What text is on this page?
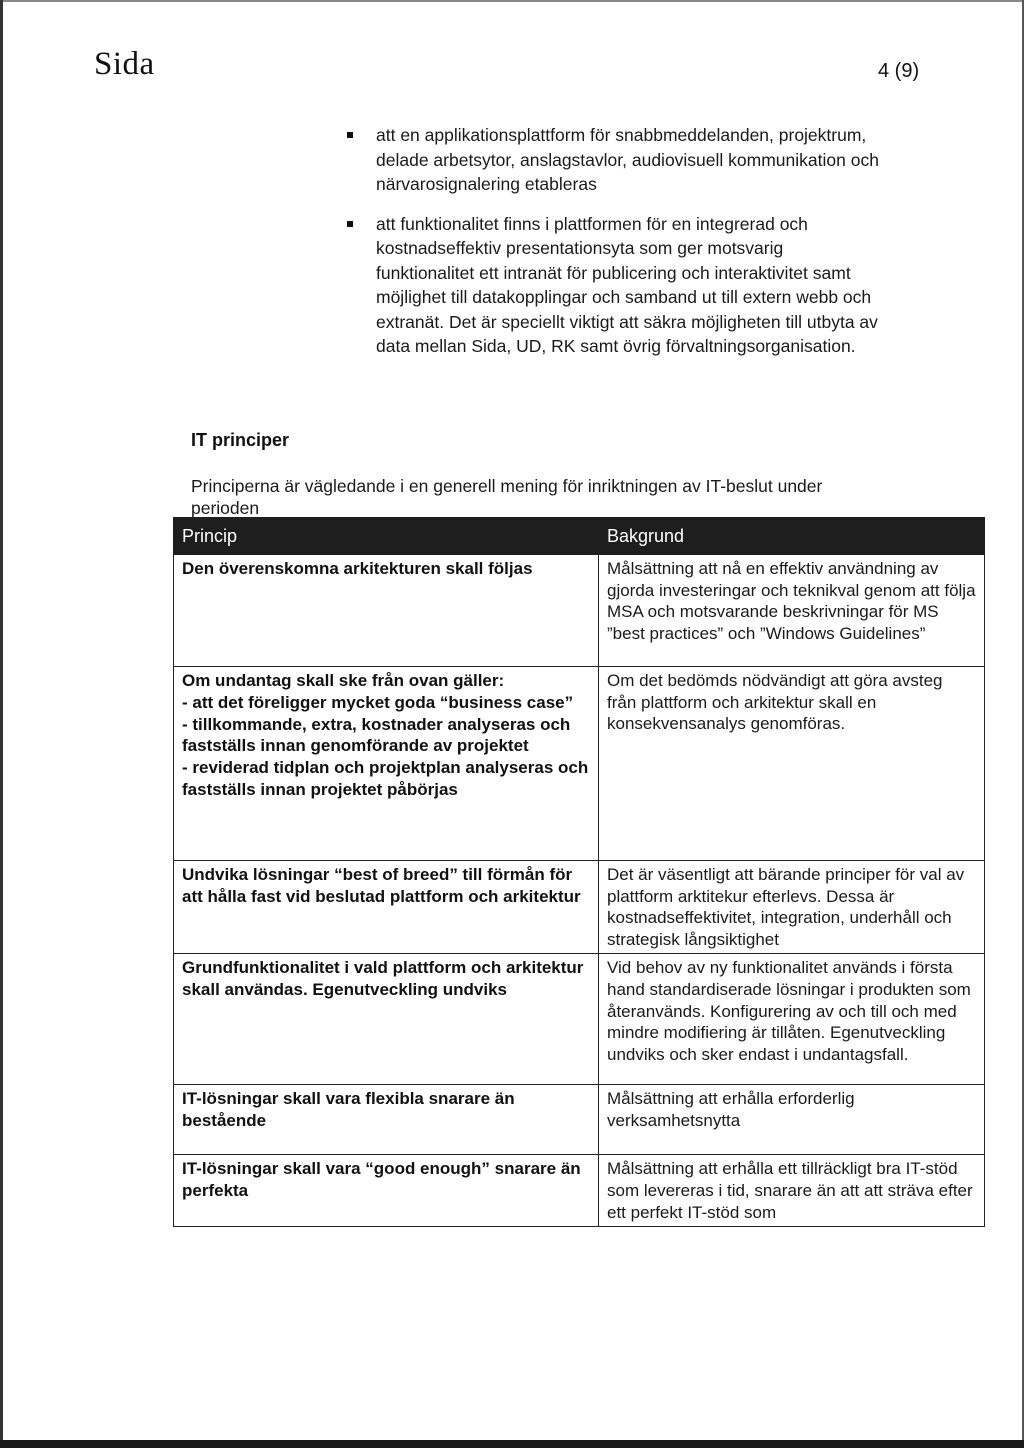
Sida	4 (9)
att en applikationsplattform för snabbmeddelanden, projektrum, delade arbetsytor, anslagstavlor, audiovisuell kommunikation och närvarosignalering etableras
att funktionalitet finns i plattformen för en integrerad och kostnadseffektiv presentationsyta som ger motsvarig funktionalitet ett intranät för publicering och interaktivitet samt möjlighet till datakopplingar och samband ut till extern webb och extranät. Det är speciellt viktigt att säkra möjligheten till utbyta av data mellan Sida, UD, RK samt övrig förvaltningsorganisation.
IT principer
Principerna är vägledande i en generell mening för inriktningen av IT-beslut under perioden
Princip	Bakgrund
Den överenskomna arkitekturen skall följas	Målsättning att nå en effektiv användning av gjorda investeringar och teknikval genom att följa MSA och motsvarande beskrivningar för MS ”best practices” och ”Windows Guidelines”

Om undantag skall ske från ovan gäller:
- att det föreligger mycket goda “business case”
- tillkommande, extra, kostnader analyseras och fastställs innan genomförande av projektet
- reviderad tidplan och projektplan analyseras och fastställs innan projektet påbörjas	Om det bedömds nödvändigt att göra avsteg från plattform och arkitektur skall en konsekvensanalys genomföras.
Undvika lösningar “best of breed” till förmån för att hålla fast vid beslutad plattform och arkitektur	Det är väsentligt att bärande principer för val av plattform arktitekur efterlevs. Dessa är kostnadseffektivitet, integration, underhåll och strategisk långsiktighet
Grundfunktionalitet i vald plattform och arkitektur skall användas. Egenutveckling undviks	Vid behov av ny funktionalitet används i första hand standardiserade lösningar i produkten som återanvänds. Konfigurering av och till och med mindre modifiering är tillåten. Egenutveckling undviks och sker endast i undantagsfall.
IT-lösningar skall vara flexibla snarare än bestående	Målsättning att erhålla erforderlig verksamhetsnytta
IT-lösningar skall vara “good enough” snarare än perfekta	Målsättning att erhålla ett tillräckligt bra IT-stöd som levereras i tid, snarare än att att sträva efter ett perfekt IT-stöd som
